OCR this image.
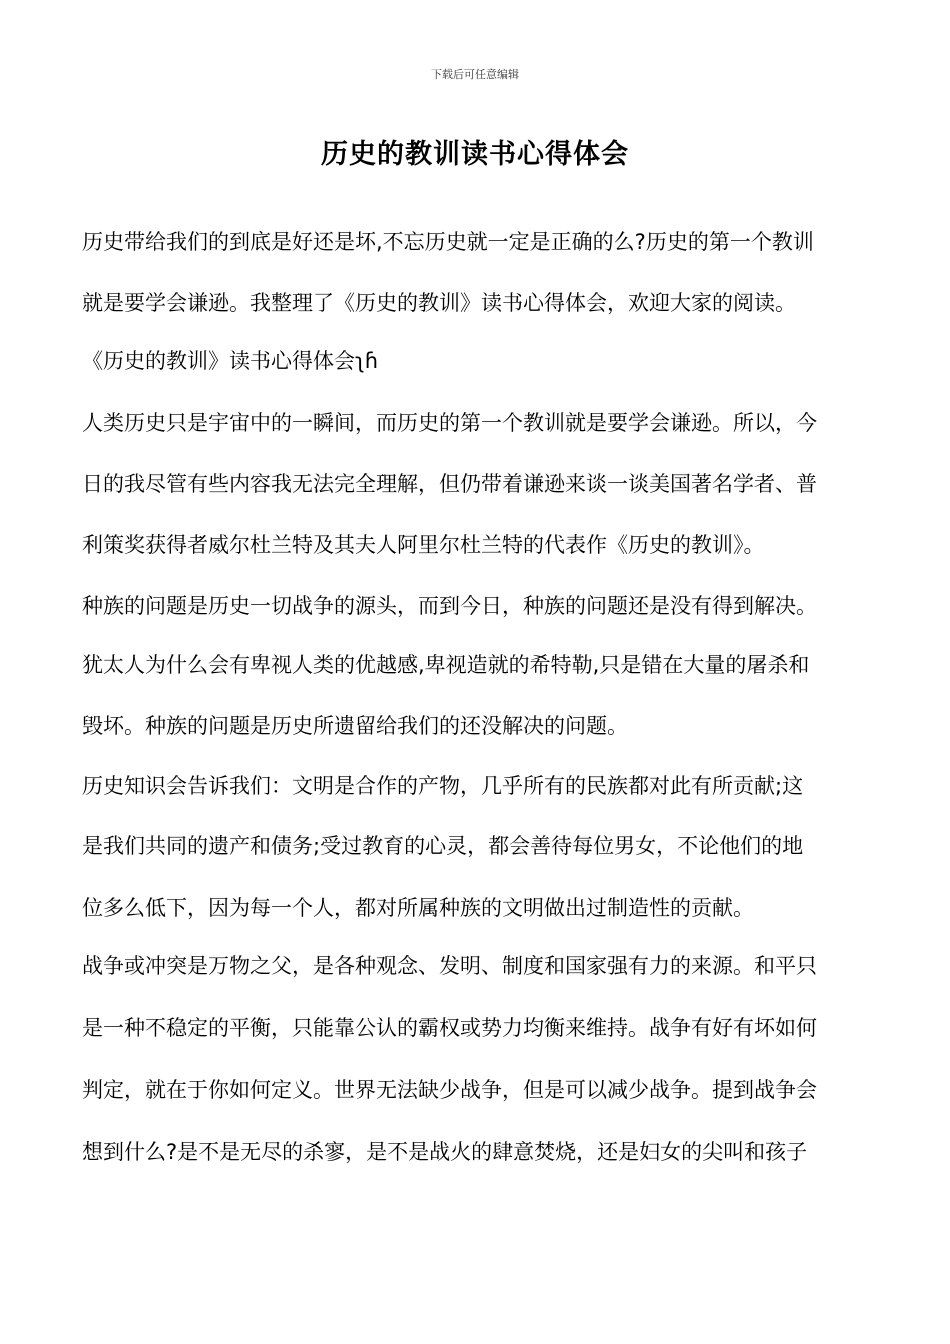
下载后可任意编辑
历史的教训读书心得体会
历史带给我们的到底是好还是坏,不忘历史就一定是正确的么?历史的第一个教训
就是要学会谦逊。我整理了《历史的教训》读书心得体会，欢迎大家的阅读。
《历史的教训》读书心得体会ʅɦ
人类历史只是宇宙中的一瞬间，而历史的第一个教训就是要学会谦逊。所以，今
日的我尽管有些内容我无法完全理解，但仍带着谦逊来谈一谈美国著名学者、普
利策奖获得者威尔杜兰特及其夫人阿里尔杜兰特的代表作《历史的教训》。
种族的问题是历史一切战争的源头，而到今日，种族的问题还是没有得到解决。
犹太人为什么会有卑视人类的优越感,卑视造就的希特勒,只是错在大量的屠杀和
毁坏。种族的问题是历史所遗留给我们的还没解决的问题。
历史知识会告诉我们：文明是合作的产物，几乎所有的民族都对此有所贡献;这
是我们共同的遗产和债务;受过教育的心灵，都会善待每位男女，不论他们的地
位多么低下，因为每一个人，都对所属种族的文明做出过制造性的贡献。
战争或冲突是万物之父，是各种观念、发明、制度和国家强有力的来源。和平只
是一种不稳定的平衡，只能靠公认的霸权或势力均衡来维持。战争有好有坏如何
判定，就在于你如何定义。世界无法缺少战争，但是可以减少战争。提到战争会
想到什么?是不是无尽的杀寥，是不是战火的肆意焚烧，还是妇女的尖叫和孩子
